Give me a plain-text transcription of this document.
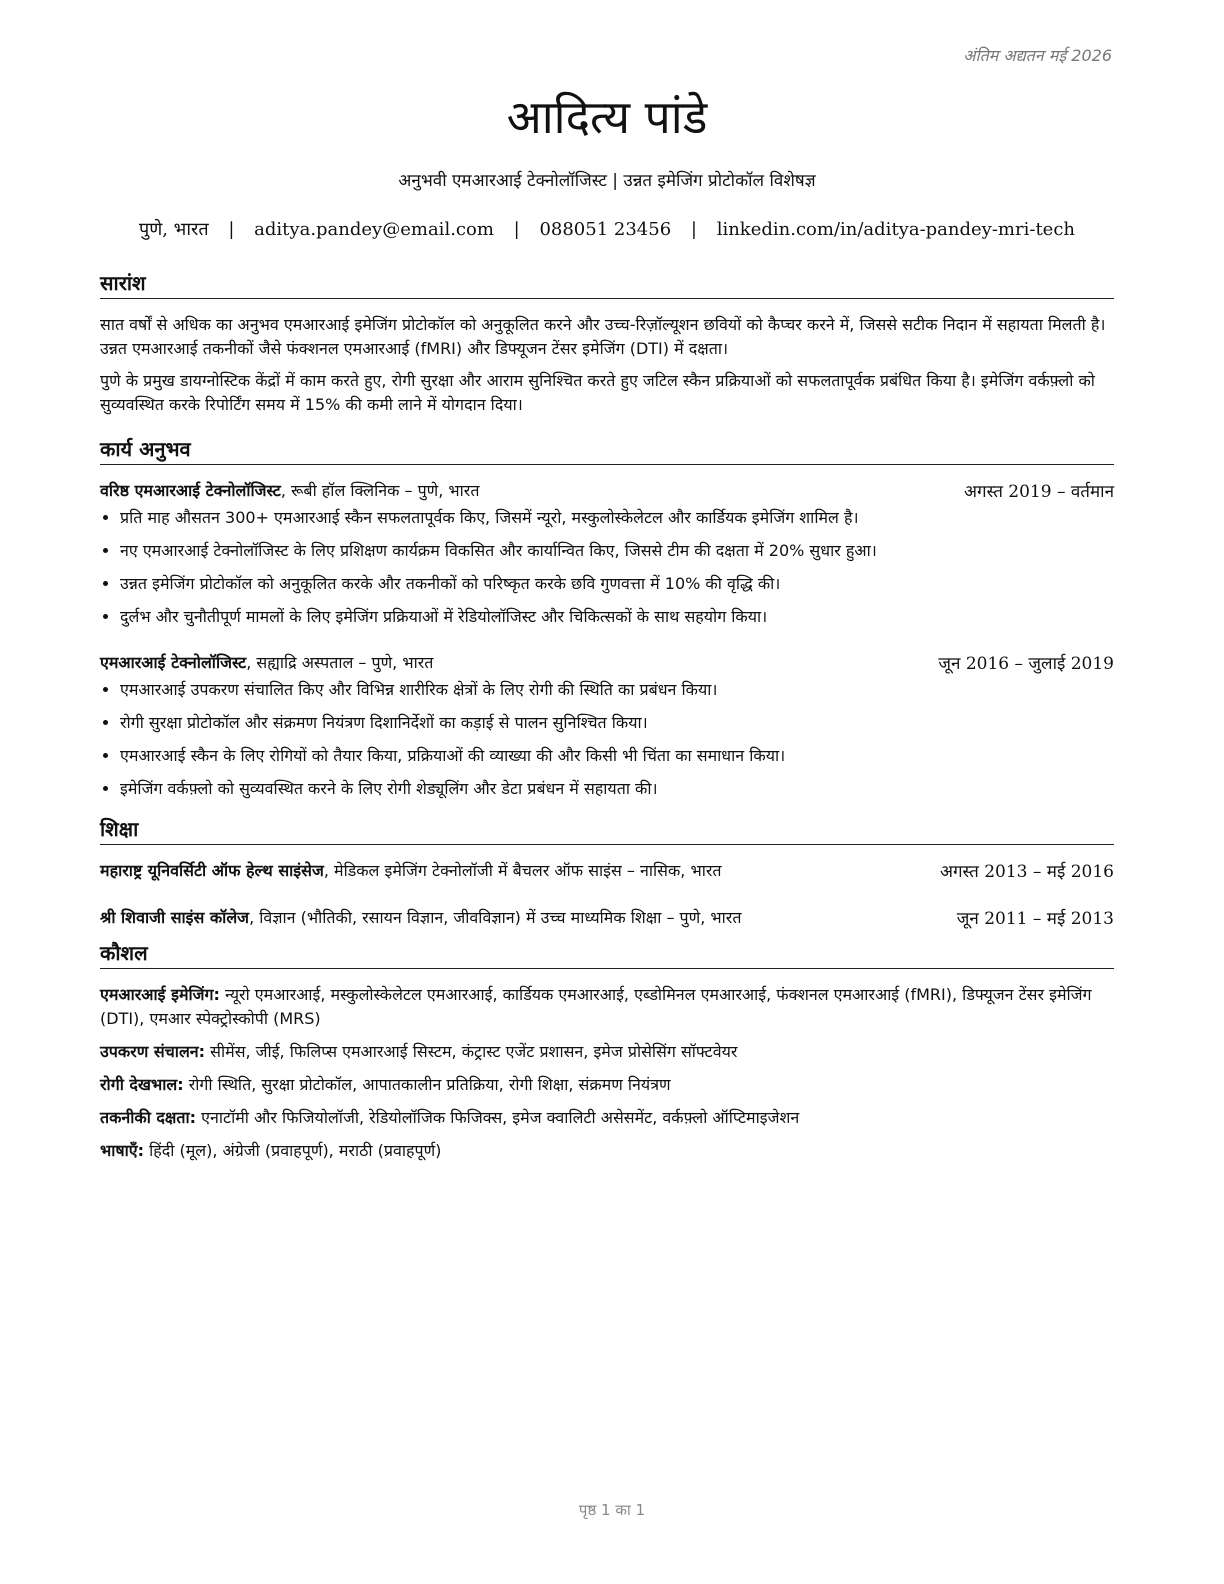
अंतिम अद्यतन मई 2026
आदित्य पांडे
अनुभवी एमआरआई टेक्नोलॉजिस्ट | उन्नत इमेजिंग प्रोटोकॉल विशेषज्ञ
पुणे, भारत | aditya.pandey@email.com | 088051 23456 | linkedin.com/in/aditya-pandey-mri-tech
सारांश

सात वर्षों से अधिक का अनुभव एमआरआई इमेजिंग प्रोटोकॉल को अनुकूलित करने और उच्च-रिज़ॉल्यूशन छवियों को कैप्चर करने में, जिससे सटीक निदान में सहायता मिलती है। उन्नत एमआरआई तकनीकों जैसे फंक्शनल एमआरआई (fMRI) और डिफ्यूजन टेंसर इमेजिंग (DTI) में दक्षता।

पुणे के प्रमुख डायग्नोस्टिक केंद्रों में काम करते हुए, रोगी सुरक्षा और आराम सुनिश्चित करते हुए जटिल स्कैन प्रक्रियाओं को सफलतापूर्वक प्रबंधित किया है। इमेजिंग वर्कफ़्लो को सुव्यवस्थित करके रिपोर्टिंग समय में 15% की कमी लाने में योगदान दिया।

कार्य अनुभव
वरिष्ठ एमआरआई टेक्नोलॉजिस्ट, रूबी हॉल क्लिनिक – पुणे, भारत	अगस्त 2019 – वर्तमान
• प्रति माह औसतन 300+ एमआरआई स्कैन सफलतापूर्वक किए, जिसमें न्यूरो, मस्कुलोस्केलेटल और कार्डियक इमेजिंग शामिल है।
• नए एमआरआई टेक्नोलॉजिस्ट के लिए प्रशिक्षण कार्यक्रम विकसित और कार्यान्वित किए, जिससे टीम की दक्षता में 20% सुधार हुआ।
• उन्नत इमेजिंग प्रोटोकॉल को अनुकूलित करके और तकनीकों को परिष्कृत करके छवि गुणवत्ता में 10% की वृद्धि की।
• दुर्लभ और चुनौतीपूर्ण मामलों के लिए इमेजिंग प्रक्रियाओं में रेडियोलॉजिस्ट और चिकित्सकों के साथ सहयोग किया।
एमआरआई टेक्नोलॉजिस्ट, सह्याद्रि अस्पताल – पुणे, भारत	जून 2016 – जुलाई 2019
• एमआरआई उपकरण संचालित किए और विभिन्न शारीरिक क्षेत्रों के लिए रोगी की स्थिति का प्रबंधन किया।
• रोगी सुरक्षा प्रोटोकॉल और संक्रमण नियंत्रण दिशानिर्देशों का कड़ाई से पालन सुनिश्चित किया।
• एमआरआई स्कैन के लिए रोगियों को तैयार किया, प्रक्रियाओं की व्याख्या की और किसी भी चिंता का समाधान किया।
• इमेजिंग वर्कफ़्लो को सुव्यवस्थित करने के लिए रोगी शेड्यूलिंग और डेटा प्रबंधन में सहायता की।
शिक्षा
महाराष्ट्र यूनिवर्सिटी ऑफ हेल्थ साइंसेज, मेडिकल इमेजिंग टेक्नोलॉजी में बैचलर ऑफ साइंस – नासिक, भारत	अगस्त 2013 – मई 2016
श्री शिवाजी साइंस कॉलेज, विज्ञान (भौतिकी, रसायन विज्ञान, जीवविज्ञान) में उच्च माध्यमिक शिक्षा – पुणे, भारत	जून 2011 – मई 2013
कौशल
एमआरआई इमेजिंग: न्यूरो एमआरआई, मस्कुलोस्केलेटल एमआरआई, कार्डियक एमआरआई, एब्डोमिनल एमआरआई, फंक्शनल एमआरआई (fMRI), डिफ्यूजन टेंसर इमेजिंग (DTI), एमआर स्पेक्ट्रोस्कोपी (MRS)
उपकरण संचालन: सीमेंस, जीई, फिलिप्स एमआरआई सिस्टम, कंट्रास्ट एजेंट प्रशासन, इमेज प्रोसेसिंग सॉफ्टवेयर
रोगी देखभाल: रोगी स्थिति, सुरक्षा प्रोटोकॉल, आपातकालीन प्रतिक्रिया, रोगी शिक्षा, संक्रमण नियंत्रण
तकनीकी दक्षता: एनाटॉमी और फिजियोलॉजी, रेडियोलॉजिक फिजिक्स, इमेज क्वालिटी असेसमेंट, वर्कफ़्लो ऑप्टिमाइजेशन
भाषाएँ: हिंदी (मूल), अंग्रेजी (प्रवाहपूर्ण), मराठी (प्रवाहपूर्ण)
पृष्ठ 1 का 1
